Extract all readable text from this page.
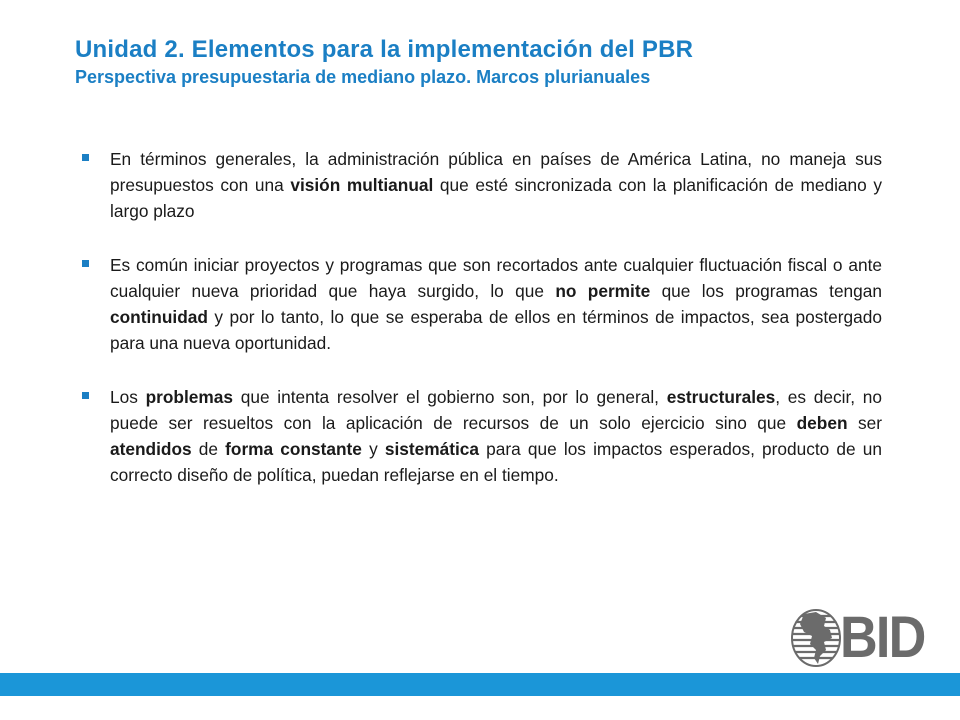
Unidad 2. Elementos para la implementación del PBR
Perspectiva presupuestaria de mediano plazo. Marcos plurianuales
En términos generales, la administración pública en países de América Latina, no maneja sus presupuestos con una visión multianual que esté sincronizada con la planificación de mediano y largo plazo
Es común iniciar proyectos y programas que son recortados ante cualquier fluctuación fiscal o ante cualquier nueva prioridad que haya surgido, lo que no permite que los programas tengan continuidad y por lo tanto, lo que se esperaba de ellos en términos de impactos, sea postergado para una nueva oportunidad.
Los problemas que intenta resolver el gobierno son, por lo general, estructurales, es decir, no puede ser resueltos con la aplicación de recursos de un solo ejercicio sino que deben ser atendidos de forma constante y sistemática para que los impactos esperados, producto de un correcto diseño de política, puedan reflejarse en el tiempo.
BID
